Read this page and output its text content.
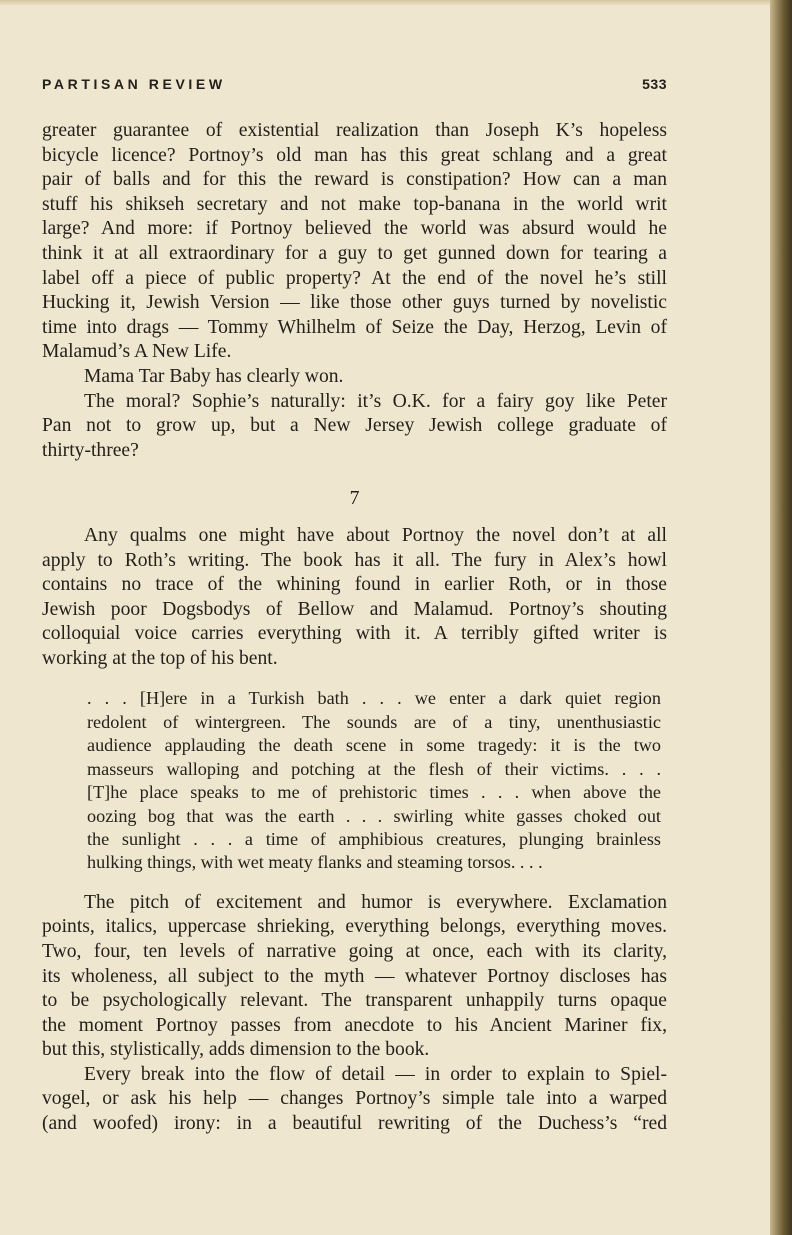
PARTISAN REVIEW	533
greater guarantee of existential realization than Joseph K’s hopeless
bicycle licence? Portnoy’s old man has this great schlang and a great
pair of balls and for this the reward is constipation? How can a man
stuff his shikseh secretary and not make top-banana in the world writ
large? And more: if Portnoy believed the world was absurd would he
think it at all extraordinary for a guy to get gunned down for tearing a
label off a piece of public property? At the end of the novel he’s still
Hucking it, Jewish Version — like those other guys turned by novelistic
time into drags — Tommy Whilhelm of Seize the Day, Herzog, Levin of
Malamud’s A New Life.
Mama Tar Baby has clearly won.
The moral? Sophie’s naturally: it’s O.K. for a fairy goy like Peter
Pan not to grow up, but a New Jersey Jewish college graduate of
thirty-three?
7
Any qualms one might have about Portnoy the novel don’t at all
apply to Roth’s writing. The book has it all. The fury in Alex’s howl
contains no trace of the whining found in earlier Roth, or in those
Jewish poor Dogsbodys of Bellow and Malamud. Portnoy’s shouting
colloquial voice carries everything with it. A terribly gifted writer is
working at the top of his bent.
. . . [H]ere in a Turkish bath . . . we enter a dark quiet region
redolent of wintergreen. The sounds are of a tiny, unenthusiastic
audience applauding the death scene in some tragedy: it is the two
masseurs walloping and potching at the flesh of their victims. . . .
[T]he place speaks to me of prehistoric times . . . when above the
oozing bog that was the earth . . . swirling white gasses choked out
the sunlight . . . a time of amphibious creatures, plunging brainless
hulking things, with wet meaty flanks and steaming torsos. . . .
The pitch of excitement and humor is everywhere. Exclamation
points, italics, uppercase shrieking, everything belongs, everything moves.
Two, four, ten levels of narrative going at once, each with its clarity,
its wholeness, all subject to the myth — whatever Portnoy discloses has
to be psychologically relevant. The transparent unhappily turns opaque
the moment Portnoy passes from anecdote to his Ancient Mariner fix,
but this, stylistically, adds dimension to the book.
Every break into the flow of detail — in order to explain to Spiel-
vogel, or ask his help — changes Portnoy’s simple tale into a warped
(and woofed) irony: in a beautiful rewriting of the Duchess’s “red
